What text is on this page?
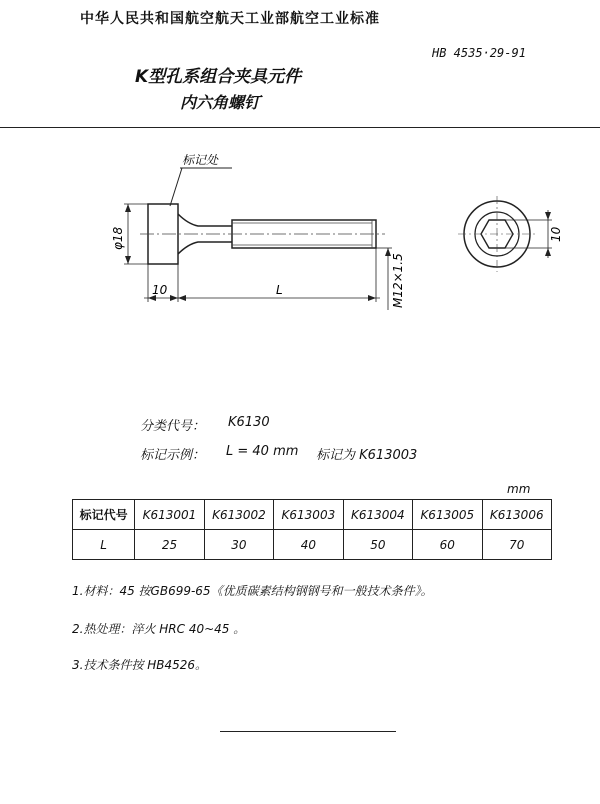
中华人民共和国航空航天工业部航空工业标准
HB 4535·29-91
K型孔系组合夹具元件
内六角螺钉
标记处
φ18
10	L	M12×1.5
10
分类代号： K6130
标记示例： L = 40 mm 标记为 K613003
mm
标记代号	K613001	K613002	K613003	K613004	K613005	K613006
L	25	30	40	50	60	70
1.材料：45 按GB699-65《优质碳素结构钢钢号和一般技术条件》。
2.热处理：淬火 HRC 40~45 。
3.技术条件按 HB4526。
